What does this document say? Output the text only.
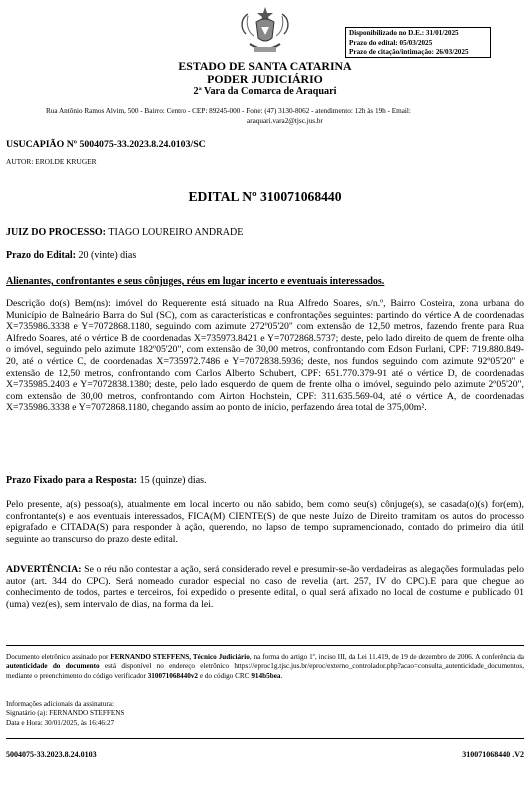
Disponibilizado no D.E.: 31/01/2025
Prazo do edital: 05/03/2025
Prazo de citação/intimação: 26/03/2025
ESTADO DE SANTA CATARINA
PODER JUDICIÁRIO
2ª Vara da Comarca de Araquari
Rua Antônio Ramos Alvim, 500 - Bairro: Centro - CEP: 89245-000 - Fone: (47) 3130-8062 - atendimento: 12h às 19h - Email:
araquari.vara2@tjsc.jus.br
USUCAPIÃO Nº 5004075-33.2023.8.24.0103/SC
AUTOR: EROLDE KRUGER
EDITAL Nº 310071068440
JUIZ DO PROCESSO: TIAGO LOUREIRO ANDRADE
Prazo do Edital: 20 (vinte) dias
Alienantes, confrontantes e seus cônjuges, réus em lugar incerto e eventuais interessados.

Descrição do(s) Bem(ns): imóvel do Requerente está situado na Rua Alfredo Soares, s/n.º, Bairro Costeira, zona urbana do Município de Balneário Barra do Sul (SC), com as características e confrontações seguintes: partindo do vértice A de coordenadas X=735986.3338 e Y=7072868.1180, seguindo com azimute 272º05'20" com extensão de 12,50 metros, fazendo frente para Rua Alfredo Soares, até o vértice B de coordenadas X=735973.8421 e Y=7072868.5737; deste, pelo lado direito de quem de frente olha o imóvel, seguindo pelo azimute 182º05'20", com extensão de 30,00 metros, confrontando com Edson Furlani, CPF: 719.880.849-20, até o vértice C, de coordenadas X=735972.7486 e Y=7072838.5936; deste, nos fundos seguindo com azimute 92º05'20" e extensão de 12,50 metros, confrontando com Carlos Alberto Schubert, CPF: 651.770.379-91 até o vértice D, de coordenadas X=735985.2403 e Y=7072838.1380; deste, pelo lado esquerdo de quem de frente olha o imóvel, seguindo pelo azimute 2º05'20", com extensão de 30,00 metros, confrontando com Airton Hochstein, CPF: 311.635.569-04, até o vértice A, de coordenadas X=735986.3338 e Y=7072868.1180, chegando assim ao ponto de início, perfazendo área total de 375,00m².

Prazo Fixado para a Resposta: 15 (quinze) dias.

Pelo presente, a(s) pessoa(s), atualmente em local incerto ou não sabido, bem como seu(s) cônjuge(s), se casada(o)(s) for(em), confrontante(s) e aos eventuais interessados, FICA(M) CIENTE(S) de que neste Juízo de Direito tramitam os autos do processo epigrafado e CITADA(S) para responder à ação, querendo, no lapso de tempo supramencionado, contado do primeiro dia útil seguinte ao transcurso do prazo deste edital.

ADVERTÊNCIA: Se o réu não contestar a ação, será considerado revel e presumir-se-ão verdadeiras as alegações formuladas pelo autor (art. 344 do CPC). Será nomeado curador especial no caso de revelia (art. 257, IV do CPC).E para que chegue ao conhecimento de todos, partes e terceiros, foi expedido o presente edital, o qual será afixado no local de costume e publicado 01 (uma) vez(es), sem intervalo de dias, na forma da lei.

Documento eletrônico assinado por FERNANDO STEFFENS, Técnico Judiciário, na forma do artigo 1º, inciso III, da Lei 11.419, de 19 de dezembro de 2006. A conferência da autenticidade do documento está disponível no endereço eletrônico https://eproc1g.tjsc.jus.br/eproc/externo_controlador.php?acao=consulta_autenticidade_documentos, mediante o preenchimento do código verificador 310071068440v2 e do código CRC 914b5bea.

Informações adicionais da assinatura:
Signatário (a): FERNANDO STEFFENS
Data e Hora: 30/01/2025, às 16:46:27
5004075-33.2023.8.24.0103	310071068440 .V2
